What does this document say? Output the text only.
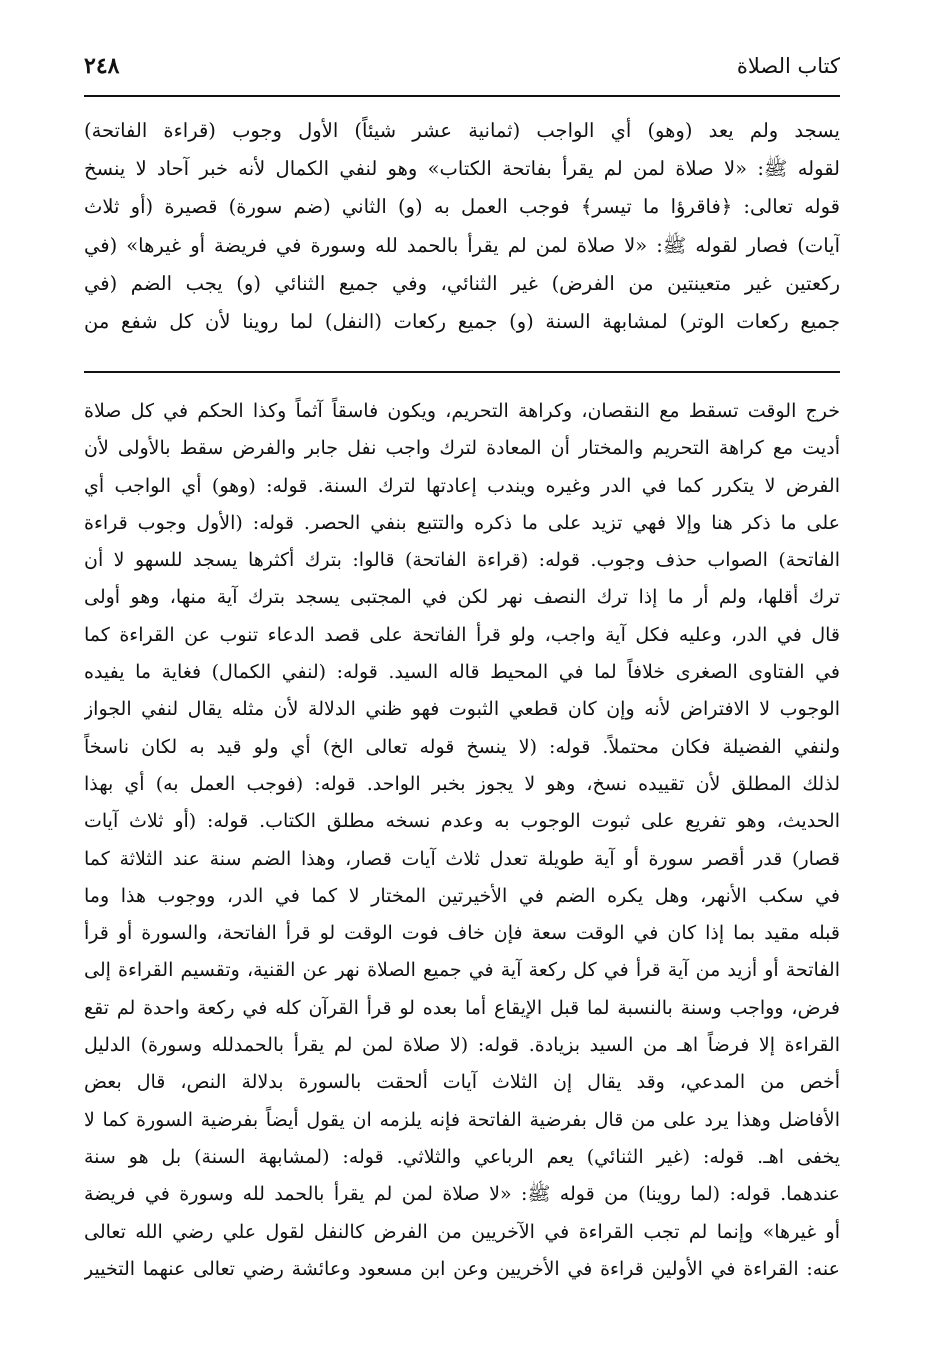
كتاب الصلاة
٢٤٨
يسجد ولم يعد (وهو) أي الواجب (ثمانية عشر شيئاً) الأول وجوب (قراءة الفاتحة)
لقوله ﷺ: «لا صلاة لمن لم يقرأ بفاتحة الكتاب» وهو لنفي الكمال لأنه خبر آحاد لا ينسخ
قوله تعالى: ﴿فاقرؤا ما تيسر﴾ فوجب العمل به (و) الثاني (ضم سورة) قصيرة (أو ثلاث
آيات) فصار لقوله ﷺ: «لا صلاة لمن لم يقرأ بالحمد لله وسورة في فريضة أو غيرها» (في
ركعتين غير متعينتين من الفرض) غير الثنائي، وفي جميع الثنائي (و) يجب الضم (في
جميع ركعات الوتر) لمشابهة السنة (و) جميع ركعات (النفل) لما روينا لأن كل شفع من
خرج الوقت تسقط مع النقصان، وكراهة التحريم، ويكون فاسقاً آثماً وكذا الحكم في كل صلاة
أديت مع كراهة التحريم والمختار أن المعادة لترك واجب نفل جابر والفرض سقط بالأولى لأن
الفرض لا يتكرر كما في الدر وغيره ويندب إعادتها لترك السنة. قوله: (وهو) أي الواجب أي
على ما ذكر هنا وإلا فهي تزيد على ما ذكره والتتبع بنفي الحصر. قوله: (الأول وجوب قراءة
الفاتحة) الصواب حذف وجوب. قوله: (قراءة الفاتحة) قالوا: بترك أكثرها يسجد للسهو لا أن
ترك أقلها، ولم أر ما إذا ترك النصف نهر لكن في المجتبى يسجد بترك آية منها، وهو أولى
قال في الدر، وعليه فكل آية واجب، ولو قرأ الفاتحة على قصد الدعاء تنوب عن القراءة كما
في الفتاوى الصغرى خلافاً لما في المحيط قاله السيد. قوله: (لنفي الكمال) فغاية ما يفيده
الوجوب لا الافتراض لأنه وإن كان قطعي الثبوت فهو ظني الدلالة لأن مثله يقال لنفي الجواز
ولنفي الفضيلة فكان محتملاً. قوله: (لا ينسخ قوله تعالى الخ) أي ولو قيد به لكان ناسخاً
لذلك المطلق لأن تقييده نسخ، وهو لا يجوز بخبر الواحد. قوله: (فوجب العمل به) أي بهذا
الحديث، وهو تفريع على ثبوت الوجوب به وعدم نسخه مطلق الكتاب. قوله: (أو ثلاث آيات
قصار) قدر أقصر سورة أو آية طويلة تعدل ثلاث آيات قصار، وهذا الضم سنة عند الثلاثة كما
في سكب الأنهر، وهل يكره الضم في الأخيرتين المختار لا كما في الدر، ووجوب هذا وما
قبله مقيد بما إذا كان في الوقت سعة فإن خاف فوت الوقت لو قرأ الفاتحة، والسورة أو قرأ
الفاتحة أو أزيد من آية قرأ في كل ركعة آية في جميع الصلاة نهر عن القنية، وتقسيم القراءة إلى
فرض، وواجب وسنة بالنسبة لما قبل الإيقاع أما بعده لو قرأ القرآن كله في ركعة واحدة لم تقع
القراءة إلا فرضاً اهـ من السيد بزيادة. قوله: (لا صلاة لمن لم يقرأ بالحمدلله وسورة) الدليل
أخص من المدعي، وقد يقال إن الثلاث آيات ألحقت بالسورة بدلالة النص، قال بعض
الأفاضل وهذا يرد على من قال بفرضية الفاتحة فإنه يلزمه ان يقول أيضاً بفرضية السورة كما لا
يخفى اهـ. قوله: (غير الثنائي) يعم الرباعي والثلاثي. قوله: (لمشابهة السنة) بل هو سنة
عندهما. قوله: (لما روينا) من قوله ﷺ: «لا صلاة لمن لم يقرأ بالحمد لله وسورة في فريضة
أو غيرها» وإنما لم تجب القراءة في الآخريين من الفرض كالنفل لقول علي رضي الله تعالى
عنه: القراءة في الأولين قراءة في الأخريين وعن ابن مسعود وعائشة رضي تعالى عنهما التخيير
